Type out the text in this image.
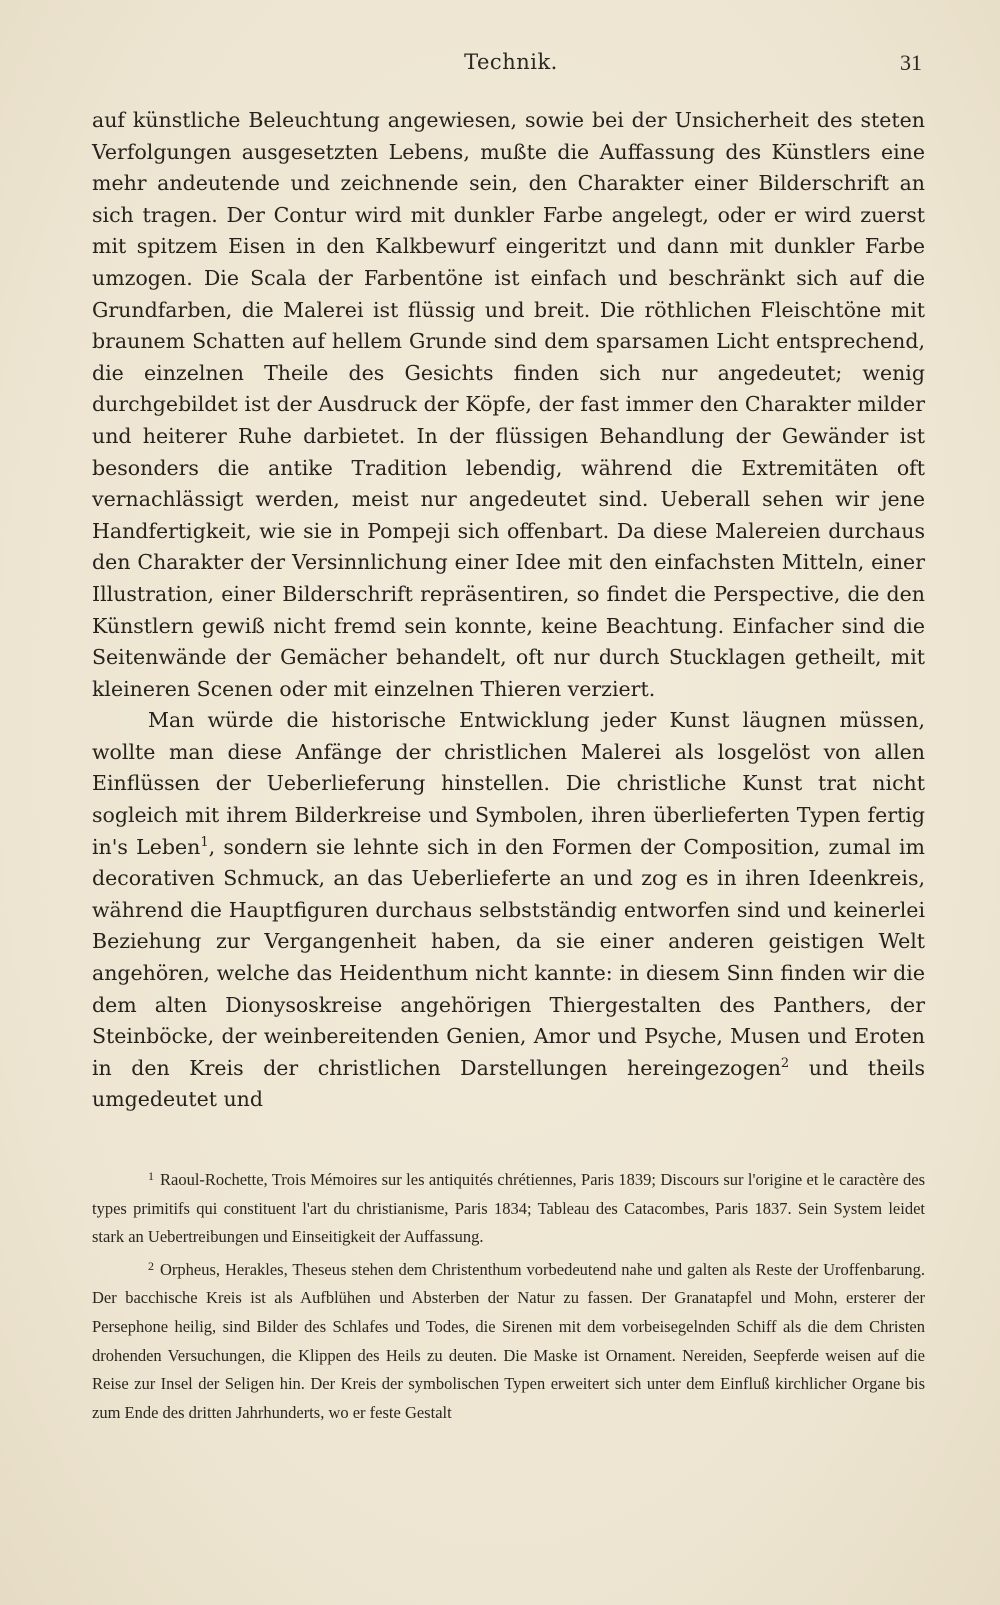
Technik.	31

auf künstliche Beleuchtung angewiesen, sowie bei der Unsicherheit des steten Verfolgungen ausgesetzten Lebens, mußte die Auffassung des Künstlers eine mehr andeutende und zeichnende sein, den Charakter einer Bilderschrift an sich tragen. Der Contur wird mit dunkler Farbe angelegt, oder er wird zuerst mit spitzem Eisen in den Kalkbewurf eingeritzt und dann mit dunkler Farbe umzogen. Die Scala der Farbentöne ist einfach und beschränkt sich auf die Grundfarben, die Malerei ist flüssig und breit. Die röthlichen Fleischtöne mit braunem Schatten auf hellem Grunde sind dem sparsamen Licht entsprechend, die einzelnen Theile des Gesichts finden sich nur angedeutet; wenig durchgebildet ist der Ausdruck der Köpfe, der fast immer den Charakter milder und heiterer Ruhe darbietet. In der flüssigen Behandlung der Gewänder ist besonders die antike Tradition lebendig, während die Extremitäten oft vernachlässigt werden, meist nur angedeutet sind. Ueberall sehen wir jene Handfertigkeit, wie sie in Pompeji sich offenbart. Da diese Malereien durchaus den Charakter der Versinnlichung einer Idee mit den einfachsten Mitteln, einer Illustration, einer Bilderschrift repräsentiren, so findet die Perspective, die den Künstlern gewiß nicht fremd sein konnte, keine Beachtung. Einfacher sind die Seitenwände der Gemächer behandelt, oft nur durch Stucklagen getheilt, mit kleineren Scenen oder mit einzelnen Thieren verziert.

Man würde die historische Entwicklung jeder Kunst läugnen müssen, wollte man diese Anfänge der christlichen Malerei als losgelöst von allen Einflüssen der Ueberlieferung hinstellen. Die christliche Kunst trat nicht sogleich mit ihrem Bilderkreise und Symbolen, ihren überlieferten Typen fertig in's Leben$^1$, sondern sie lehnte sich in den Formen der Composition, zumal im decorativen Schmuck, an das Ueberlieferte an und zog es in ihren Ideenkreis, während die Hauptfiguren durchaus selbstständig entworfen sind und keinerlei Beziehung zur Vergangenheit haben, da sie einer anderen geistigen Welt angehören, welche das Heidenthum nicht kannte: in diesem Sinn finden wir die dem alten Dionysoskreise angehörigen Thiergestalten des Panthers, der Steinböcke, der weinbereitenden Genien, Amor und Psyche, Musen und Eroten in den Kreis der christlichen Darstellungen hereingezogen$^2$ und theils umgedeutet und

$^1$ Raoul-Rochette, Trois Mémoires sur les antiquités chrétiennes, Paris 1839; Discours sur l'origine et le caractère des types primitifs qui constituent l'art du christianisme, Paris 1834; Tableau des Catacombes, Paris 1837. Sein System leidet stark an Uebertreibungen und Einseitigkeit der Auffassung.

$^2$ Orpheus, Herakles, Theseus stehen dem Christenthum vorbedeutend nahe und galten als Reste der Uroffenbarung. Der bacchische Kreis ist als Aufblühen und Absterben der Natur zu fassen. Der Granatapfel und Mohn, ersterer der Persephone heilig, sind Bilder des Schlafes und Todes, die Sirenen mit dem vorbeisegelnden Schiff als die dem Christen drohenden Versuchungen, die Klippen des Heils zu deuten. Die Maske ist Ornament. Nereiden, Seepferde weisen auf die Reise zur Insel der Seligen hin. Der Kreis der symbolischen Typen erweitert sich unter dem Einfluß kirchlicher Organe bis zum Ende des dritten Jahrhunderts, wo er feste Gestalt
